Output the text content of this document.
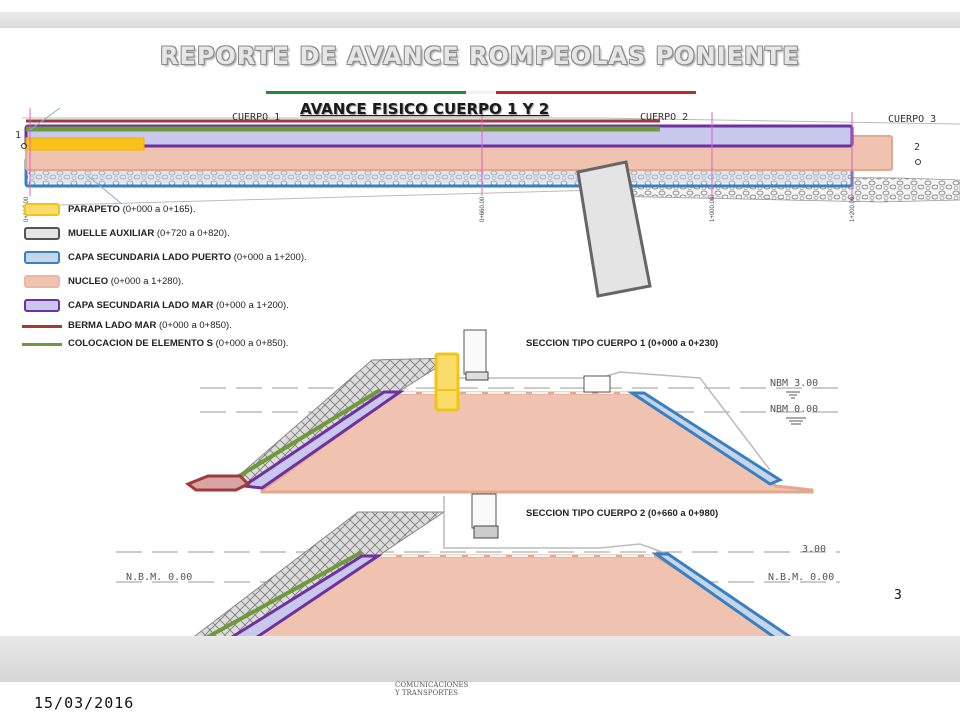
REPORTE DE AVANCE ROMPEOLAS PONIENTE
0+660.00	1+000.00	1+200.00
CUERPO 1	CUERPO 2	CUERPO 3
1
2
NBM 3.00
NBM 0.00
3.00
N.B.M. 0.00	N.B.M. 0.00
AVANCE FISICO CUERPO 1 Y 2
PARAPETO (0+000 a 0+165).
MUELLE AUXILIAR (0+720 a 0+820).
CAPA SECUNDARIA LADO PUERTO (0+000 a 1+200).
NUCLEO (0+000 a 1+280).
CAPA SECUNDARIA LADO MAR (0+000 a 1+200).
BERMA LADO MAR (0+000 a 0+850).
COLOCACION DE ELEMENTO S (0+000 a 0+850).	SECCION TIPO CUERPO 1 (0+000 a 0+230)
SECCION TIPO CUERPO 2 (0+660 a 0+980)
3
15/03/2016
COMUNICACIONES
Y TRANSPORTES
